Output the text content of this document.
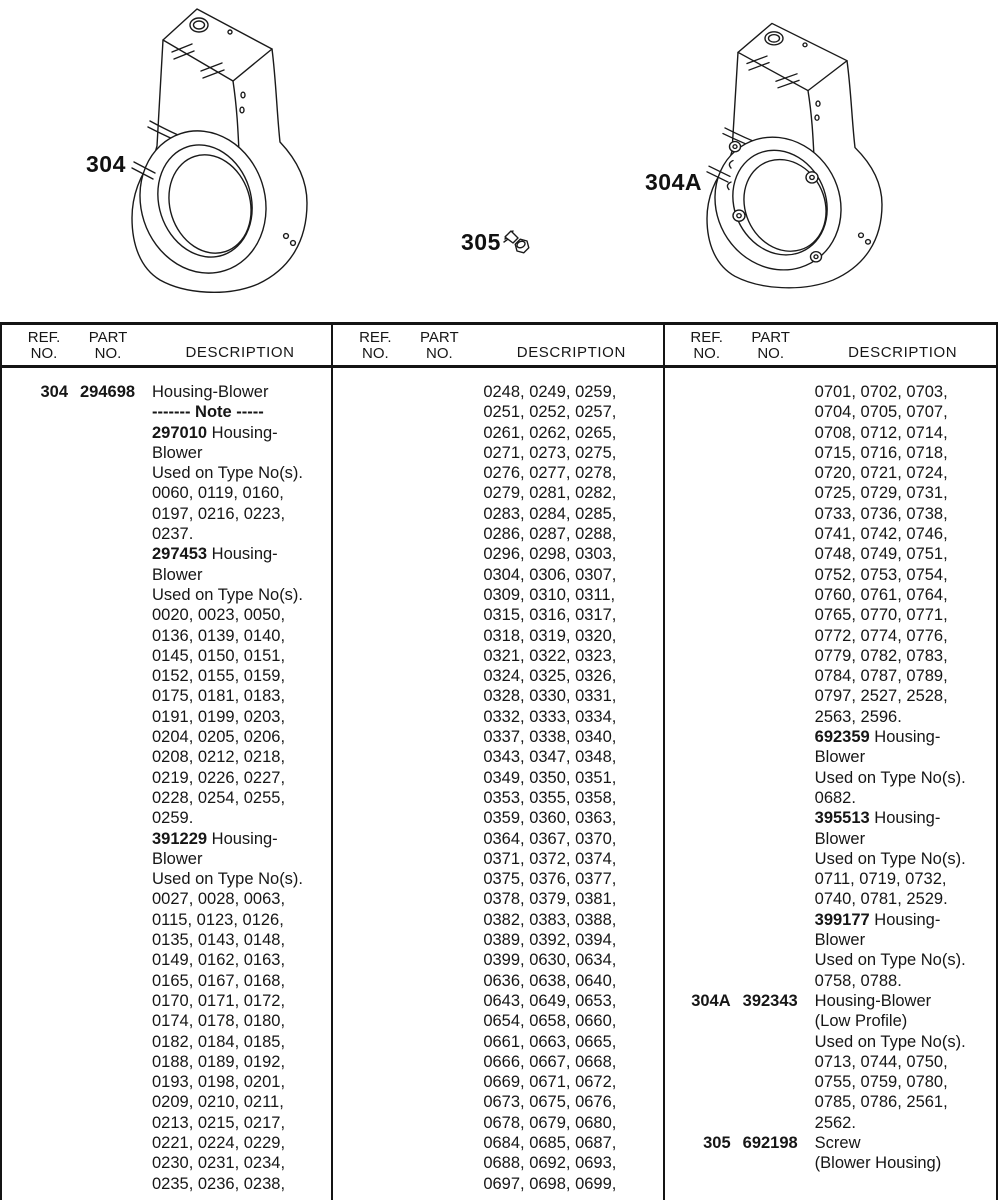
304
304A
305
REF.
NO.
PART
NO.	DESCRIPTION
304 294698	Housing-Blower
------- Note -----
297010 Housing-
Blower
Used on Type No(s).
0060, 0119, 0160,
0197, 0216, 0223,
0237.
297453 Housing-
Blower
Used on Type No(s).
0020, 0023, 0050,
0136, 0139, 0140,
0145, 0150, 0151,
0152, 0155, 0159,
0175, 0181, 0183,
0191, 0199, 0203,
0204, 0205, 0206,
0208, 0212, 0218,
0219, 0226, 0227,
0228, 0254, 0255,
0259.
391229 Housing-
Blower
Used on Type No(s).
0027, 0028, 0063,
0115, 0123, 0126,
0135, 0143, 0148,
0149, 0162, 0163,
0165, 0167, 0168,
0170, 0171, 0172,
0174, 0178, 0180,
0182, 0184, 0185,
0188, 0189, 0192,
0193, 0198, 0201,
0209, 0210, 0211,
0213, 0215, 0217,
0221, 0224, 0229,
0230, 0231, 0234,
0235, 0236, 0238,
REF.
NO.
PART
NO.	DESCRIPTION
0248, 0249, 0259,
0251, 0252, 0257,
0261, 0262, 0265,
0271, 0273, 0275,
0276, 0277, 0278,
0279, 0281, 0282,
0283, 0284, 0285,
0286, 0287, 0288,
0296, 0298, 0303,
0304, 0306, 0307,
0309, 0310, 0311,
0315, 0316, 0317,
0318, 0319, 0320,
0321, 0322, 0323,
0324, 0325, 0326,
0328, 0330, 0331,
0332, 0333, 0334,
0337, 0338, 0340,
0343, 0347, 0348,
0349, 0350, 0351,
0353, 0355, 0358,
0359, 0360, 0363,
0364, 0367, 0370,
0371, 0372, 0374,
0375, 0376, 0377,
0378, 0379, 0381,
0382, 0383, 0388,
0389, 0392, 0394,
0399, 0630, 0634,
0636, 0638, 0640,
0643, 0649, 0653,
0654, 0658, 0660,
0661, 0663, 0665,
0666, 0667, 0668,
0669, 0671, 0672,
0673, 0675, 0676,
0678, 0679, 0680,
0684, 0685, 0687,
0688, 0692, 0693,
0697, 0698, 0699,
REF.
NO.
PART
NO.	DESCRIPTION
0701, 0702, 0703,
0704, 0705, 0707,
0708, 0712, 0714,
0715, 0716, 0718,
0720, 0721, 0724,
0725, 0729, 0731,
0733, 0736, 0738,
0741, 0742, 0746,
0748, 0749, 0751,
0752, 0753, 0754,
0760, 0761, 0764,
0765, 0770, 0771,
0772, 0774, 0776,
0779, 0782, 0783,
0784, 0787, 0789,
0797, 2527, 2528,
2563, 2596.
692359 Housing-
Blower
Used on Type No(s).
0682.
395513 Housing-
Blower
Used on Type No(s).
0711, 0719, 0732,
0740, 0781, 2529.
399177 Housing-
Blower
Used on Type No(s).
0758, 0788.
304A 392343	Housing-Blower
(Low Profile)
Used on Type No(s).
0713, 0744, 0750,
0755, 0759, 0780,
0785, 0786, 2561,
2562.
305 692198	Screw
(Blower Housing)
